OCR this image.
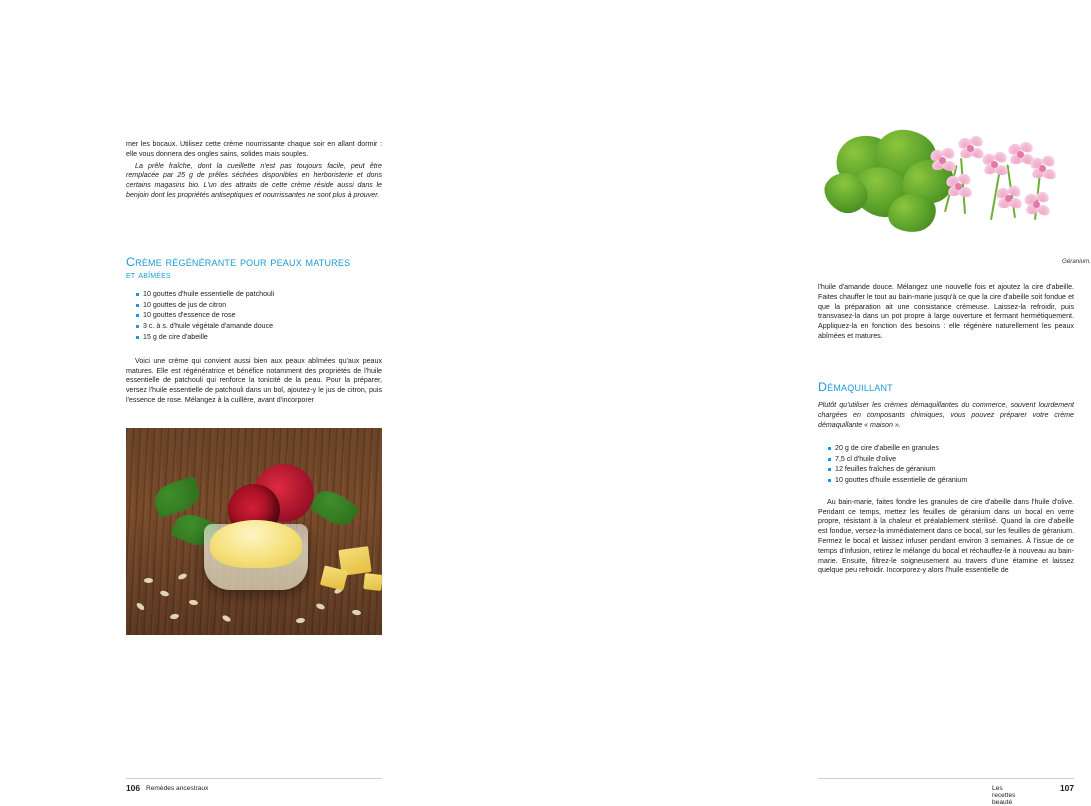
mer les bocaux. Utilisez cette crème nourrissante chaque soir en allant dormir : elle vous donnera des ongles sains, solides mais souples.

La prêle fraîche, dont la cueillette n'est pas toujours facile, peut être remplacée par 25 g de prêles séchées disponibles en herboristerie et dons certains magasins bio. L'un des attraits de cette crème réside aussi dans le benjoin dont les propriétés antiseptiques et nourrissantes ne sont plus à prouver.

Crème régénérante pour peaux matures
et abîmées
10 gouttes d'huile essentielle de patchouli
10 gouttes de jus de citron
10 gouttes d'essence de rose
3 c. à s. d'huile végétale d'amande douce
15 g de cire d'abeille

Voici une crème qui convient aussi bien aux peaux abîmées qu'aux peaux matures. Elle est régénératrice et bénéfice notamment des propriétés de l'huile essentielle de patchouli qui renforce la tonicité de la peau. Pour la préparer, versez l'huile essentielle de patchouli dans un bol, ajoutez-y le jus de citron, puis l'essence de rose. Mélangez à la cuillère, avant d'incorporer

106 Remèdes ancestraux
Géranium.

l'huile d'amande douce. Mélangez une nouvelle fois et ajoutez la cire d'abeille. Faites chauffer le tout au bain-marie jusqu'à ce que la cire d'abeille soit fondue et que la préparation ait une consistance crémeuse. Laissez-la refroidir, puis transvasez-la dans un pot propre à large ouverture et fermant hermétiquement. Appliquez-la en fonction des besoins : elle régénère naturellement les peaux abîmées et matures.

Démaquillant

Plutôt qu'utiliser les crèmes démaquillantes du commerce, souvent lourdement chargées en composants chimiques, vous pouvez préparer votre crème démaquillante « maison ».

20 g de cire d'abeille en granules
7,5 cl d'huile d'olive
12 feuilles fraîches de géranium
10 gouttes d'huile essentielle de géranium

Au bain-marie, faites fondre les granules de cire d'abeille dans l'huile d'olive. Pendant ce temps, mettez les feuilles de géranium dans un bocal en verre propre, résistant à la chaleur et préalablement stérilisé. Quand la cire d'abeille est fondue, versez-la immédiatement dans ce bocal, sur les feuilles de géranium. Fermez le bocal et laissez infuser pendant environ 3 semaines. À l'issue de ce temps d'infusion, retirez le mélange du bocal et réchauffez-le à nouveau au bain-marie. Ensuite, filtrez-le soigneusement au travers d'une étamine et laissez quelque peu refroidir. Incorporez-y alors l'huile essentielle de

107
Les recettes beauté
